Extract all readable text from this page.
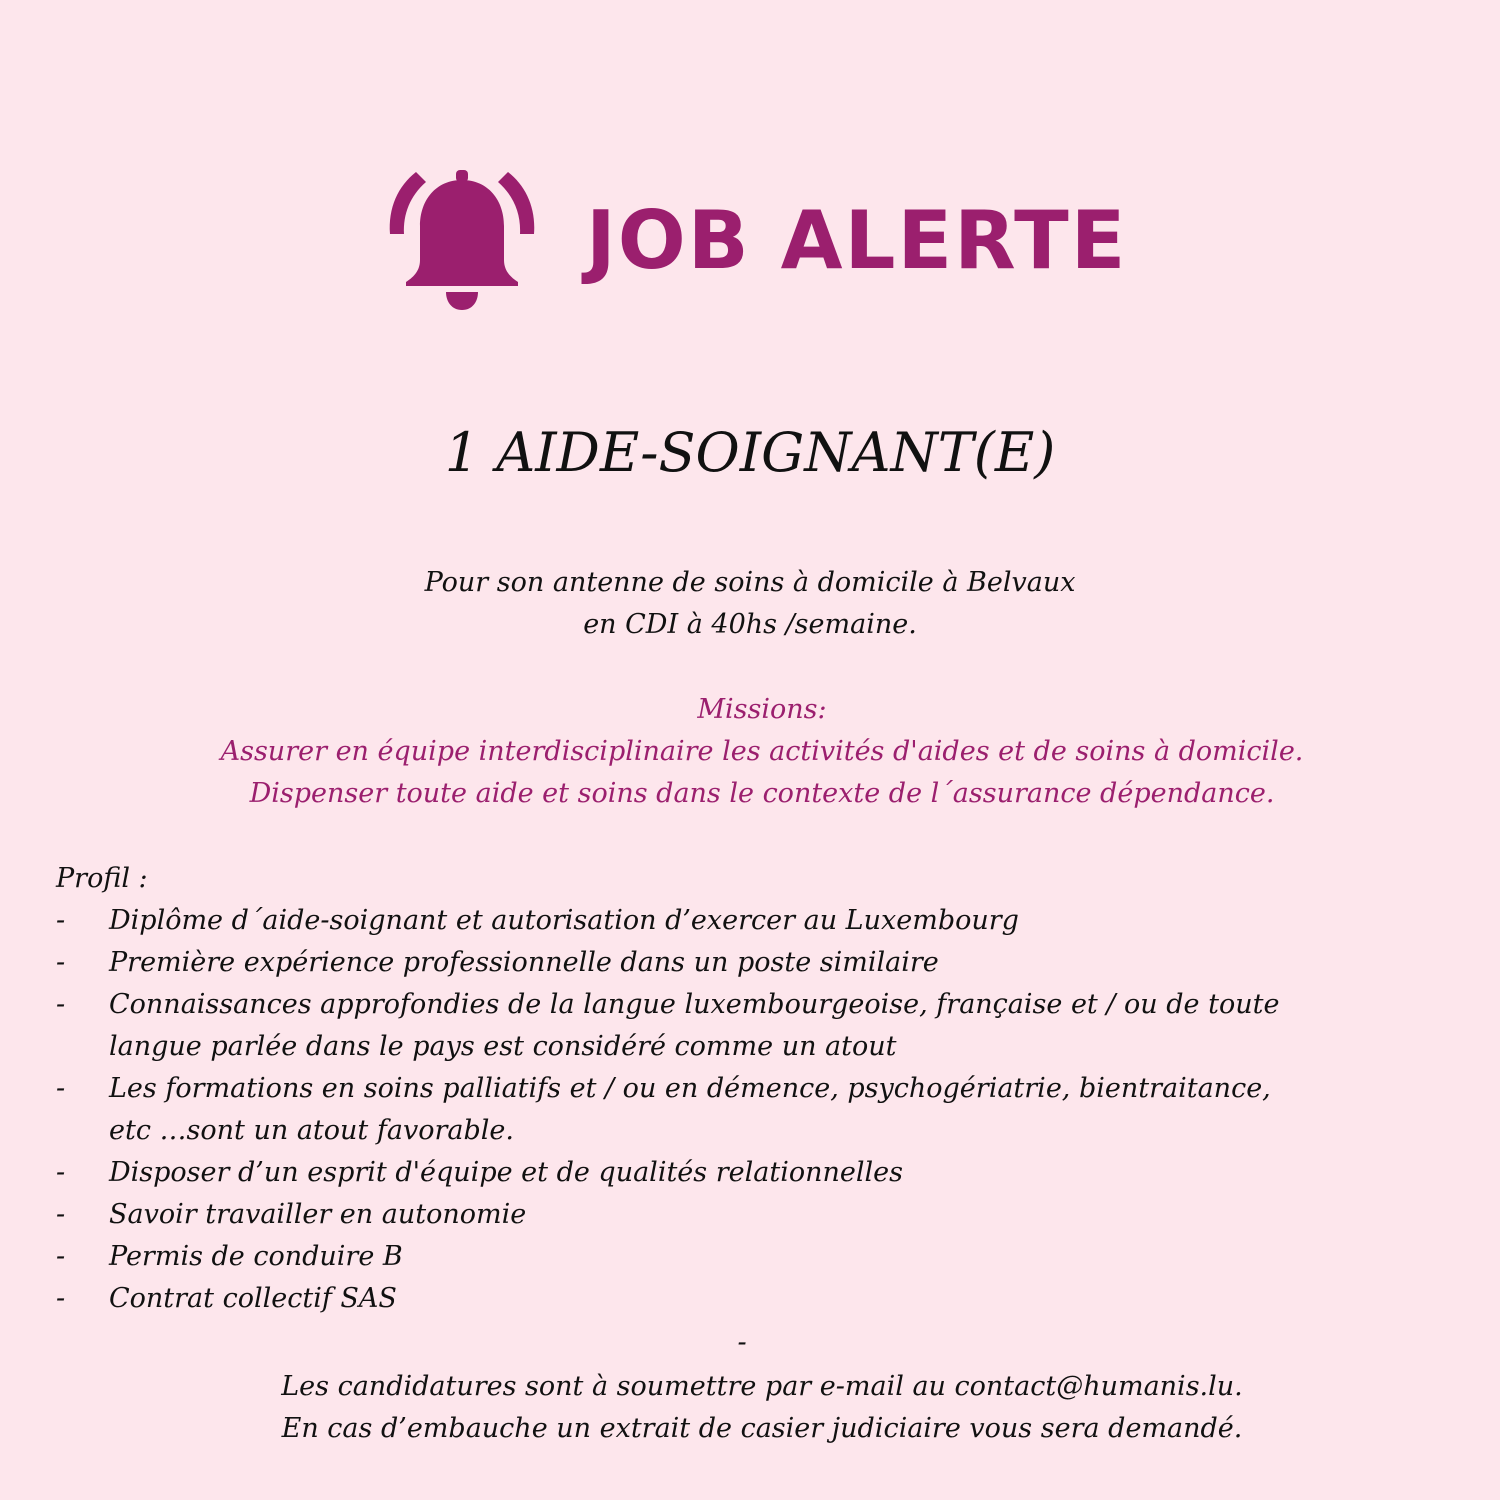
JOB ALERTE
1 AIDE-SOIGNANT(E)
Pour son antenne de soins à domicile à Belvaux
en CDI à 40hs /semaine.
Missions:
Assurer en équipe interdisciplinaire les activités d'aides et de soins à domicile.
Dispenser toute aide et soins dans le contexte de l´assurance dépendance.
Profil :
- Diplôme d´aide-soignant et autorisation d’exercer au Luxembourg
- Première expérience professionnelle dans un poste similaire
- Connaissances approfondies de la langue luxembourgeoise, française et / ou de toute
langue parlée dans le pays est considéré comme un atout
- Les formations en soins palliatifs et / ou en démence, psychogériatrie, bientraitance,
etc …sont un atout favorable.
- Disposer d’un esprit d'équipe et de qualités relationnelles
- Savoir travailler en autonomie
- Permis de conduire B
- Contrat collectif SAS
-
Les candidatures sont à soumettre par e-mail au contact@humanis.lu.
En cas d’embauche un extrait de casier judiciaire vous sera demandé.
